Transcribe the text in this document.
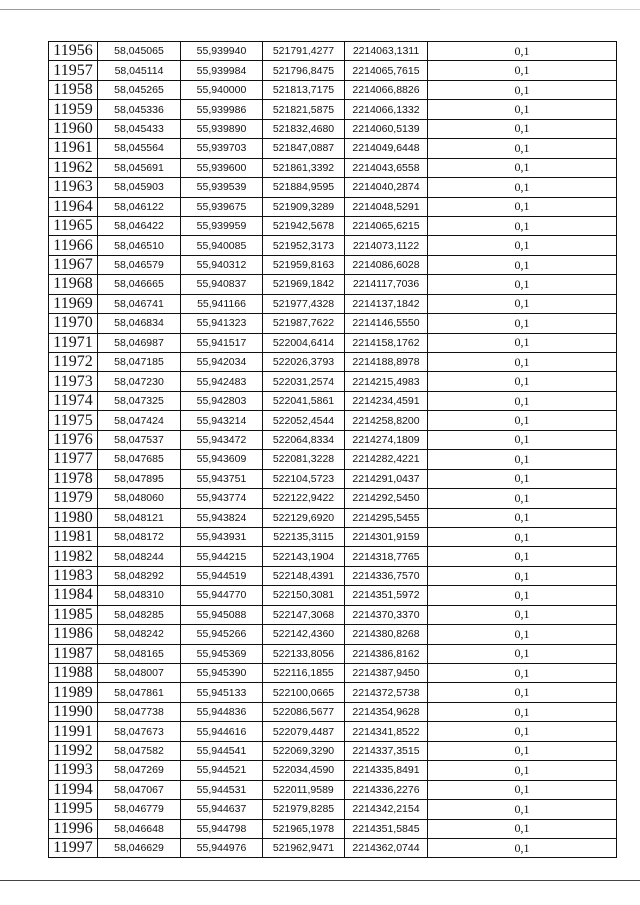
11956	58,045065	55,939940	521791,4277	2214063,1311	0,1
11957	58,045114	55,939984	521796,8475	2214065,7615	0,1
11958	58,045265	55,940000	521813,7175	2214066,8826	0,1
11959	58,045336	55,939986	521821,5875	2214066,1332	0,1
11960	58,045433	55,939890	521832,4680	2214060,5139	0,1
11961	58,045564	55,939703	521847,0887	2214049,6448	0,1
11962	58,045691	55,939600	521861,3392	2214043,6558	0,1
11963	58,045903	55,939539	521884,9595	2214040,2874	0,1
11964	58,046122	55,939675	521909,3289	2214048,5291	0,1
11965	58,046422	55,939959	521942,5678	2214065,6215	0,1
11966	58,046510	55,940085	521952,3173	2214073,1122	0,1
11967	58,046579	55,940312	521959,8163	2214086,6028	0,1
11968	58,046665	55,940837	521969,1842	2214117,7036	0,1
11969	58,046741	55,941166	521977,4328	2214137,1842	0,1
11970	58,046834	55,941323	521987,7622	2214146,5550	0,1
11971	58,046987	55,941517	522004,6414	2214158,1762	0,1
11972	58,047185	55,942034	522026,3793	2214188,8978	0,1
11973	58,047230	55,942483	522031,2574	2214215,4983	0,1
11974	58,047325	55,942803	522041,5861	2214234,4591	0,1
11975	58,047424	55,943214	522052,4544	2214258,8200	0,1
11976	58,047537	55,943472	522064,8334	2214274,1809	0,1
11977	58,047685	55,943609	522081,3228	2214282,4221	0,1
11978	58,047895	55,943751	522104,5723	2214291,0437	0,1
11979	58,048060	55,943774	522122,9422	2214292,5450	0,1
11980	58,048121	55,943824	522129,6920	2214295,5455	0,1
11981	58,048172	55,943931	522135,3115	2214301,9159	0,1
11982	58,048244	55,944215	522143,1904	2214318,7765	0,1
11983	58,048292	55,944519	522148,4391	2214336,7570	0,1
11984	58,048310	55,944770	522150,3081	2214351,5972	0,1
11985	58,048285	55,945088	522147,3068	2214370,3370	0,1
11986	58,048242	55,945266	522142,4360	2214380,8268	0,1
11987	58,048165	55,945369	522133,8056	2214386,8162	0,1
11988	58,048007	55,945390	522116,1855	2214387,9450	0,1
11989	58,047861	55,945133	522100,0665	2214372,5738	0,1
11990	58,047738	55,944836	522086,5677	2214354,9628	0,1
11991	58,047673	55,944616	522079,4487	2214341,8522	0,1
11992	58,047582	55,944541	522069,3290	2214337,3515	0,1
11993	58,047269	55,944521	522034,4590	2214335,8491	0,1
11994	58,047067	55,944531	522011,9589	2214336,2276	0,1
11995	58,046779	55,944637	521979,8285	2214342,2154	0,1
11996	58,046648	55,944798	521965,1978	2214351,5845	0,1
11997	58,046629	55,944976	521962,9471	2214362,0744	0,1
